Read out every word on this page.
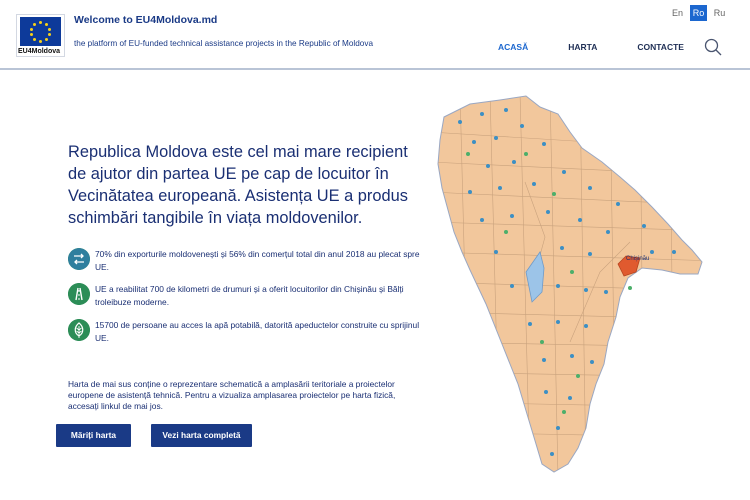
EU4Moldova
Welcome to EU4Moldova.md
the platform of EU-funded technical assistance projects in the Republic of Moldova
En	Ro	Ru
ACASĂ	HARTA	CONTACTE
Republica Moldova este cel mai mare recipient de ajutor din partea UE pe cap de locuitor în Vecinătatea europeană. Asistența UE a produs schimbări tangibile în viața moldovenilor.
70% din exporturile moldovenești și 56% din comerțul total din anul 2018 au plecat spre UE.
UE a reabilitat 700 de kilometri de drumuri și a oferit locuitorilor din Chișinău și Bălți troleibuze moderne.
15700 de persoane au acces la apă potabilă, datorită apeductelor construite cu sprijinul UE.
Harta de mai sus conține o reprezentare schematică a amplasării teritoriale a proiectelor europene de asistență tehnică. Pentru a vizualiza amplasarea proiectelor pe harta fizică, accesați linkul de mai jos.
Măriți harta	Vezi harta completă
Chișinău
